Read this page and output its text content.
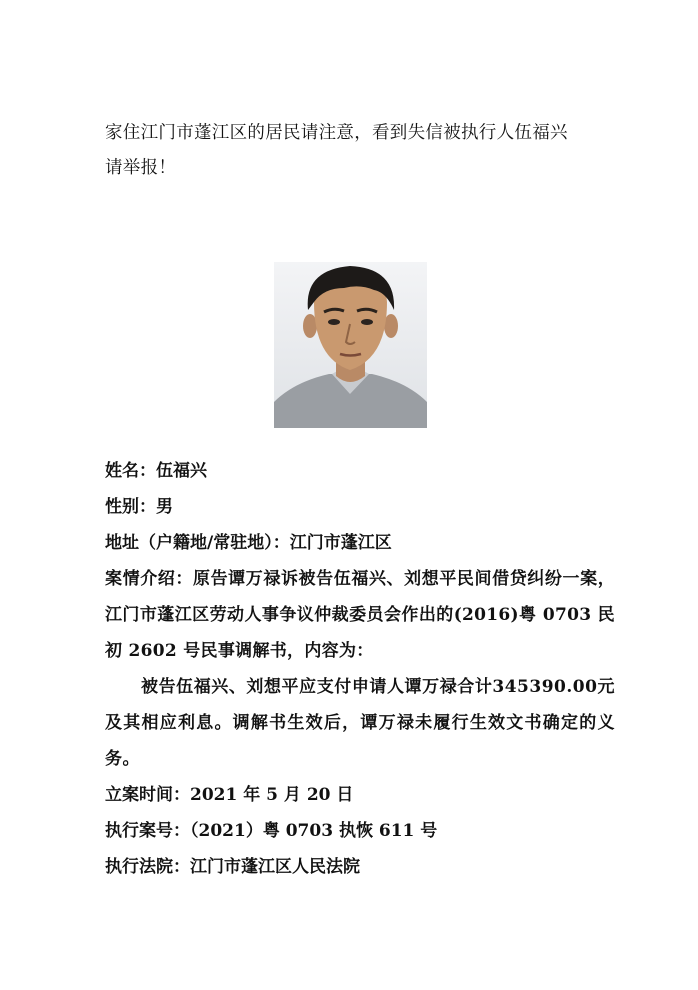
家住江门市蓬江区的居民请注意，看到失信被执行人伍福兴
请举报！

姓名：伍福兴

性别：男

地址（户籍地/常驻地）：江门市蓬江区

案情介绍：原告谭万禄诉被告伍福兴、刘想平民间借贷纠纷一案，江门市蓬江区劳动人事争议仲裁委员会作出的(2016)粤 0703 民初 2602 号民事调解书，内容为：

被告伍福兴、刘想平应支付申请人谭万禄合计345390.00元及其相应利息。调解书生效后，谭万禄未履行生效文书确定的义务。

立案时间：2021 年 5 月 20 日

执行案号：（2021）粤 0703 执恢 611 号

执行法院：江门市蓬江区人民法院
